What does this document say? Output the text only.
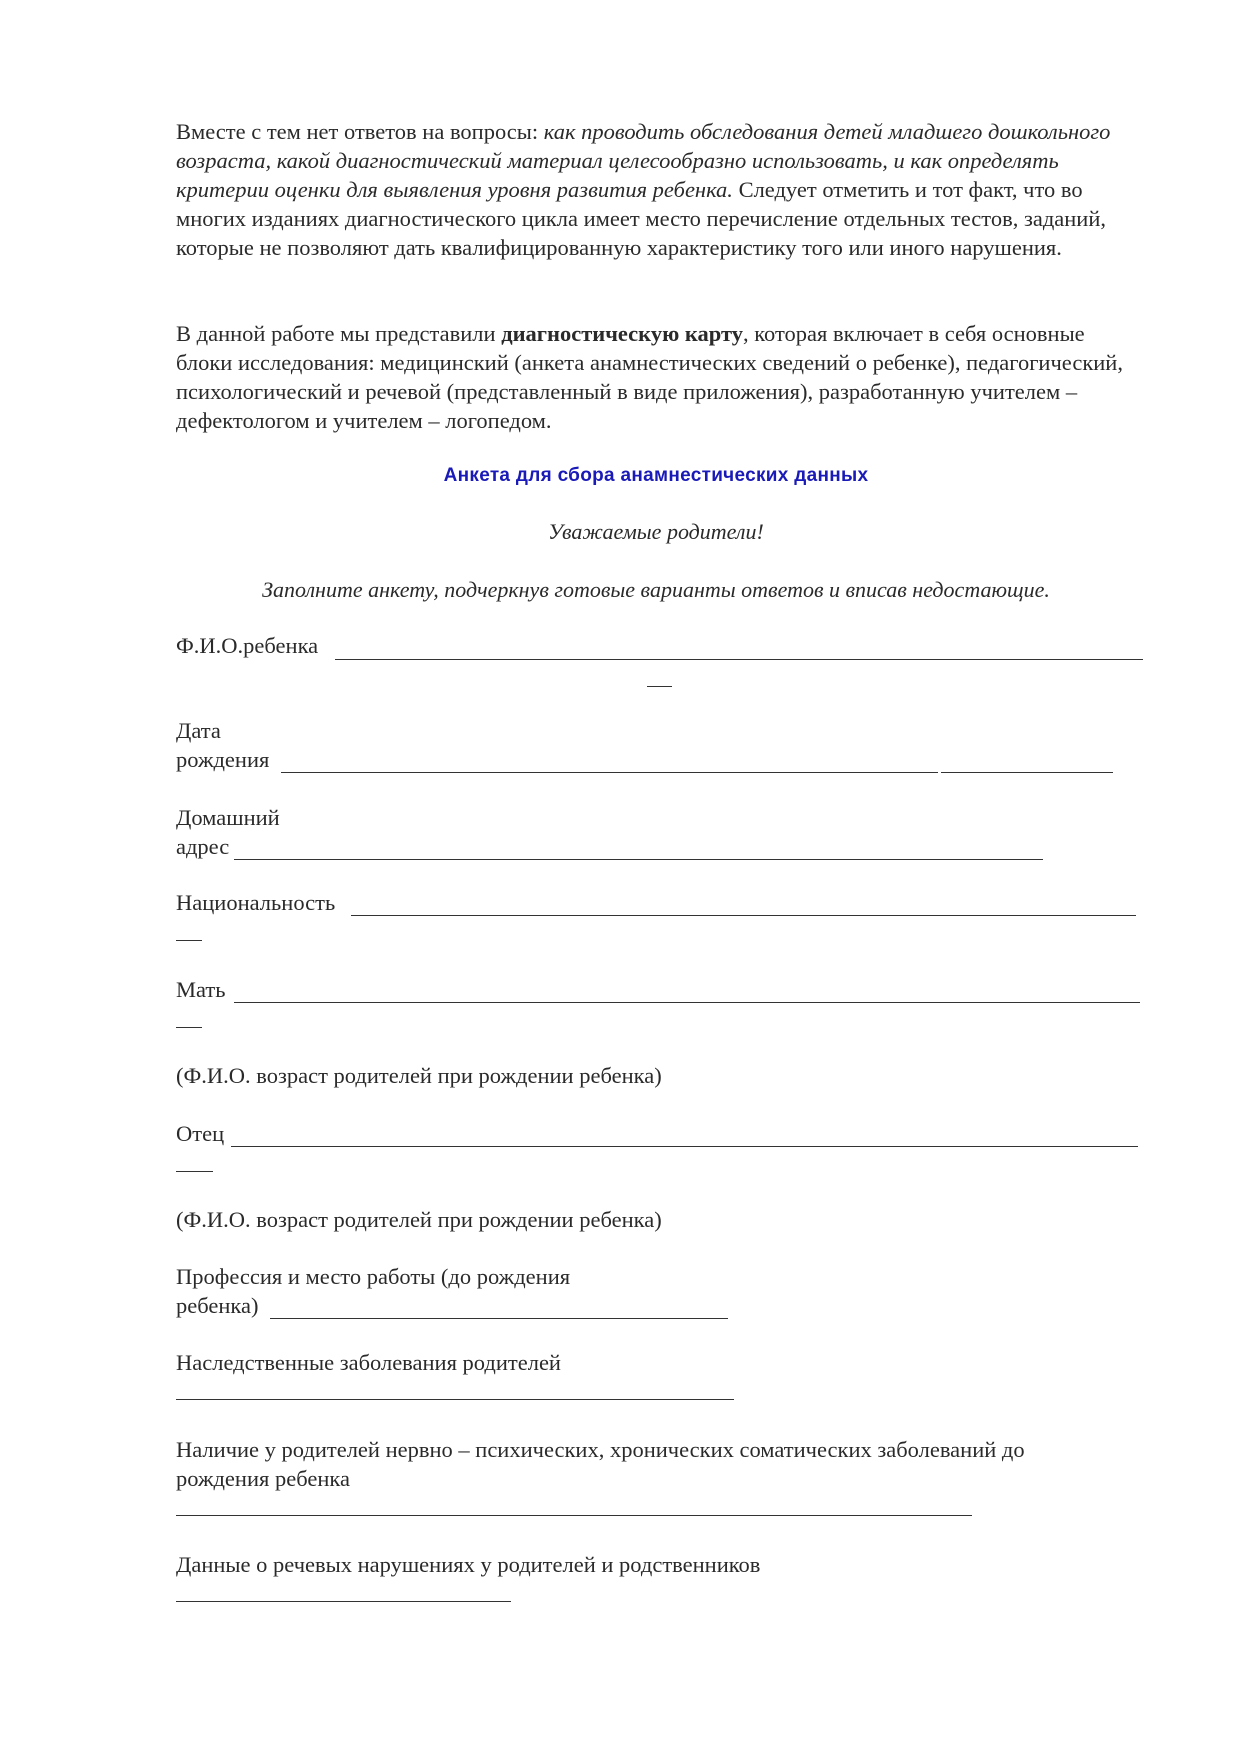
Вместе с тем нет ответов на вопросы: как проводить обследования детей младшего дошкольного возраста, какой диагностический материал целесообразно использовать, и как определять критерии оценки для выявления уровня развития ребенка. Следует отметить и тот факт, что во многих изданиях диагностического цикла имеет место перечисление отдельных тестов, заданий, которые не позволяют дать квалифицированную характеристику того или иного нарушения.

В данной работе мы представили диагностическую карту, которая включает в себя основные блоки исследования: медицинский (анкета анамнестических сведений о ребенке), педагогический, психологический и речевой (представленный в виде приложения), разработанную учителем – дефектологом и учителем – логопедом.

Анкета для сбора анамнестических данных
Уважаемые родители!
Заполните анкету, подчеркнув готовые варианты ответов и вписав недостающие.
Ф.И.О.ребенка
Дата
рождения
Домашний
адрес
Национальность
Мать
(Ф.И.О. возраст родителей при рождении ребенка)
Отец
(Ф.И.О. возраст родителей при рождении ребенка)
Профессия и место работы (до рождения
ребенка)
Наследственные заболевания родителей
Наличие у родителей нервно – психических, хронических соматических заболеваний до
рождения ребенка
Данные о речевых нарушениях у родителей и родственников
